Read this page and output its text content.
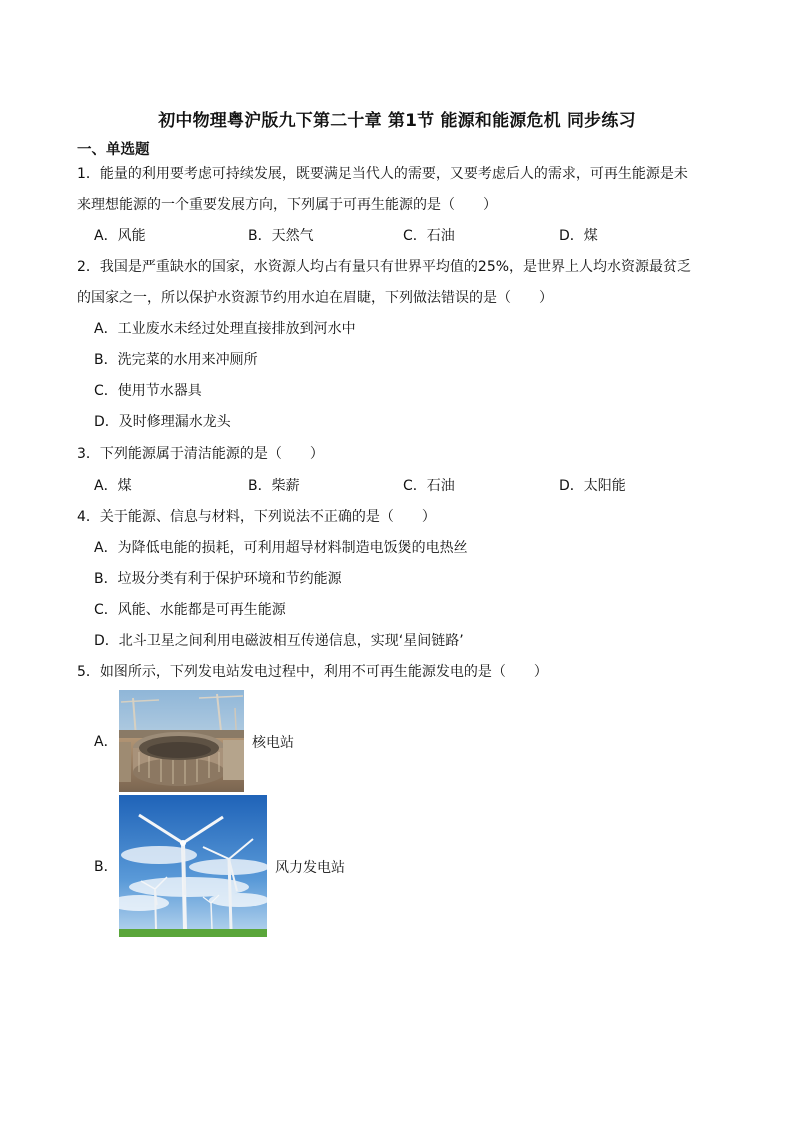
初中物理粤沪版九下第二十章 第1节 能源和能源危机 同步练习
一、单选题
1．能量的利用要考虑可持续发展，既要满足当代人的需要，又要考虑后人的需求，可再生能源是未
来理想能源的一个重要发展方向，下列属于可再生能源的是（　　）
A．风能	B．天然气	C．石油	D．煤
2．我国是严重缺水的国家，水资源人均占有量只有世界平均值的25%，是世界上人均水资源最贫乏
的国家之一，所以保护水资源节约用水迫在眉睫，下列做法错误的是（　　）
A．工业废水未经过处理直接排放到河水中
B．洗完菜的水用来冲厕所
C．使用节水器具
D．及时修理漏水龙头
3．下列能源属于清洁能源的是（　　）
A．煤	B．柴薪	C．石油	D．太阳能
4．关于能源、信息与材料，下列说法不正确的是（　　）
A．为降低电能的损耗，可利用超导材料制造电饭煲的电热丝
B．垃圾分类有利于保护环境和节约能源
C．风能、水能都是可再生能源
D．北斗卫星之间利用电磁波相互传递信息，实现‘星间链路’
5．如图所示，下列发电站发电过程中，利用不可再生能源发电的是（　　）
A．	核电站
B．	风力发电站
